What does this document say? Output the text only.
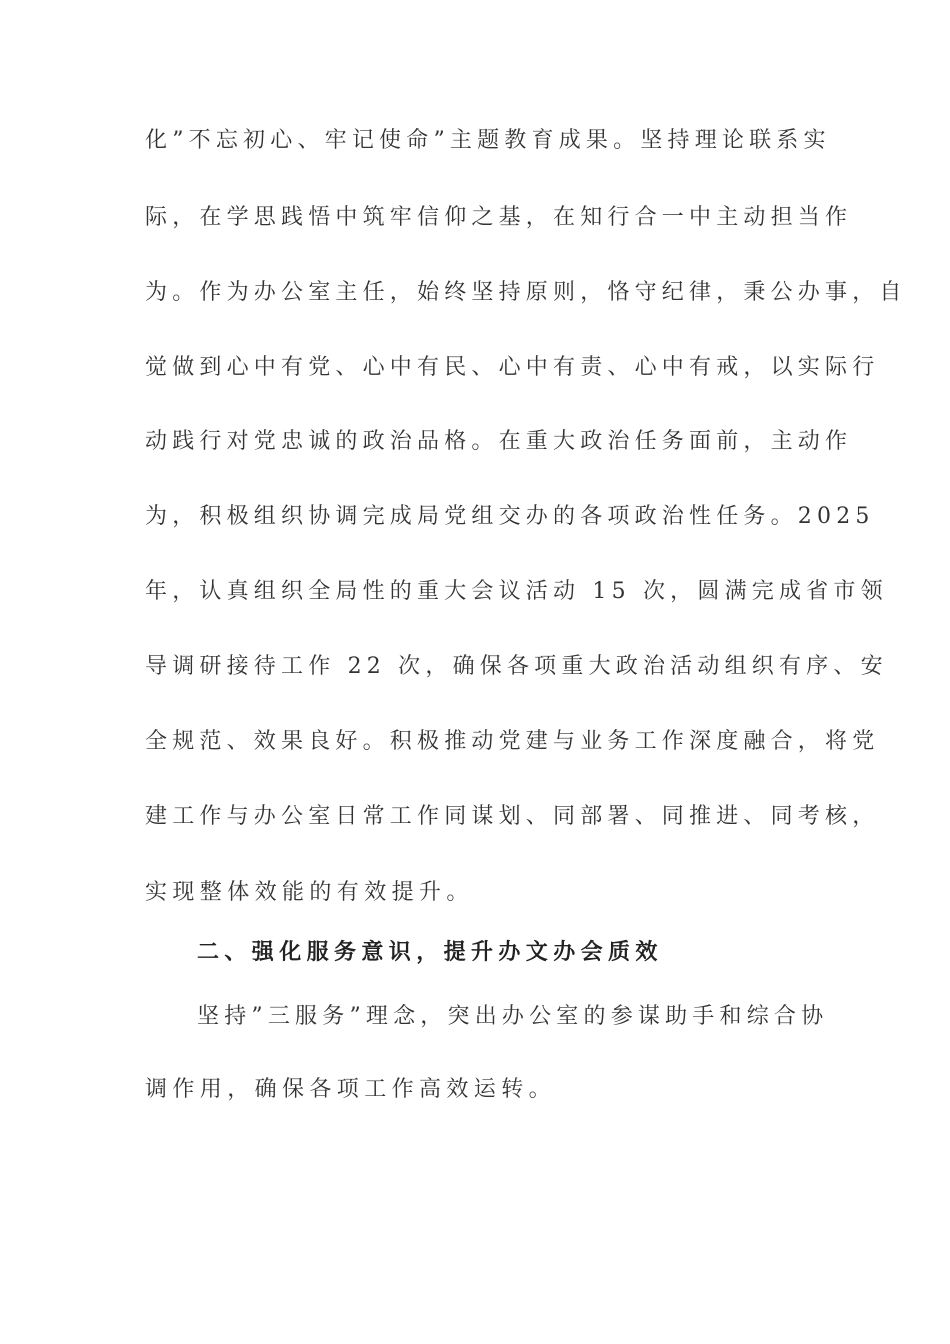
化”不忘初心、牢记使命”主题教育成果。坚持理论联系实
际，在学思践悟中筑牢信仰之基，在知行合一中主动担当作
为。作为办公室主任，始终坚持原则，恪守纪律，秉公办事，自
觉做到心中有党、心中有民、心中有责、心中有戒，以实际行
动践行对党忠诚的政治品格。在重大政治任务面前，主动作
为，积极组织协调完成局党组交办的各项政治性任务。2025
年，认真组织全局性的重大会议活动 15 次，圆满完成省市领
导调研接待工作 22 次，确保各项重大政治活动组织有序、安
全规范、效果良好。积极推动党建与业务工作深度融合，将党
建工作与办公室日常工作同谋划、同部署、同推进、同考核，
实现整体效能的有效提升。
二、强化服务意识，提升办文办会质效
坚持”三服务”理念，突出办公室的参谋助手和综合协
调作用，确保各项工作高效运转。
